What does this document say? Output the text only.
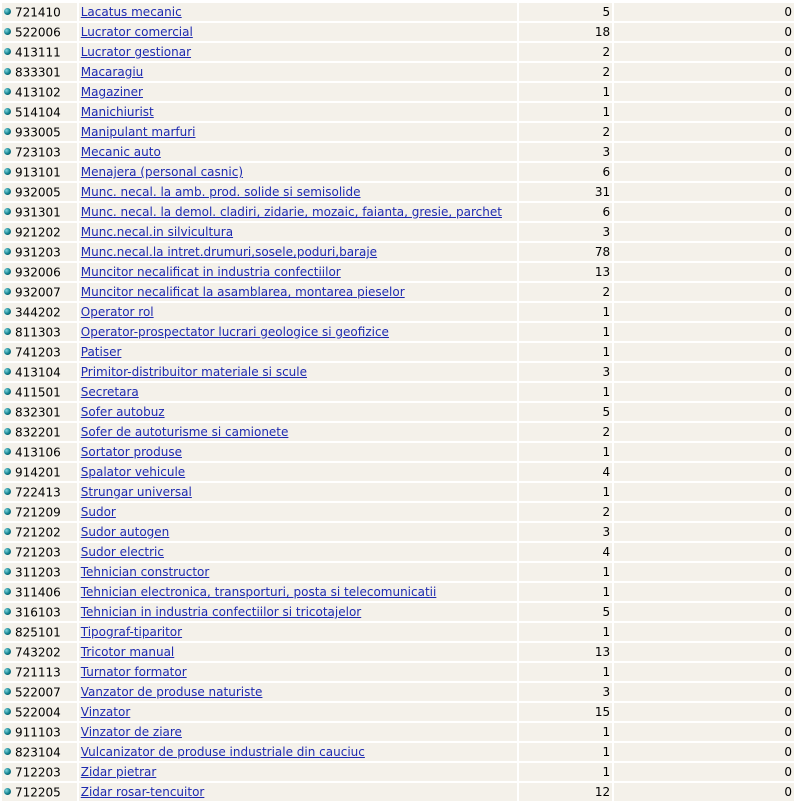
721410	Lacatus mecanic	5	0
522006	Lucrator comercial	18	0
413111	Lucrator gestionar	2	0
833301	Macaragiu	2	0
413102	Magaziner	1	0
514104	Manichiurist	1	0
933005	Manipulant marfuri	2	0
723103	Mecanic auto	3	0
913101	Menajera (personal casnic)	6	0
932005	Munc. necal. la amb. prod. solide si semisolide	31	0
931301	Munc. necal. la demol. cladiri, zidarie, mozaic, faianta, gresie, parchet	6	0
921202	Munc.necal.in silvicultura	3	0
931203	Munc.necal.la intret.drumuri,sosele,poduri,baraje	78	0
932006	Muncitor necalificat in industria confectiilor	13	0
932007	Muncitor necalificat la asamblarea, montarea pieselor	2	0
344202	Operator rol	1	0
811303	Operator-prospectator lucrari geologice si geofizice	1	0
741203	Patiser	1	0
413104	Primitor-distribuitor materiale si scule	3	0
411501	Secretara	1	0
832301	Sofer autobuz	5	0
832201	Sofer de autoturisme si camionete	2	0
413106	Sortator produse	1	0
914201	Spalator vehicule	4	0
722413	Strungar universal	1	0
721209	Sudor	2	0
721202	Sudor autogen	3	0
721203	Sudor electric	4	0
311203	Tehnician constructor	1	0
311406	Tehnician electronica, transporturi, posta si telecomunicatii	1	0
316103	Tehnician in industria confectiilor si tricotajelor	5	0
825101	Tipograf-tiparitor	1	0
743202	Tricotor manual	13	0
721113	Turnator formator	1	0
522007	Vanzator de produse naturiste	3	0
522004	Vinzator	15	0
911103	Vinzator de ziare	1	0
823104	Vulcanizator de produse industriale din cauciuc	1	0
712203	Zidar pietrar	1	0
712205	Zidar rosar-tencuitor	12	0
